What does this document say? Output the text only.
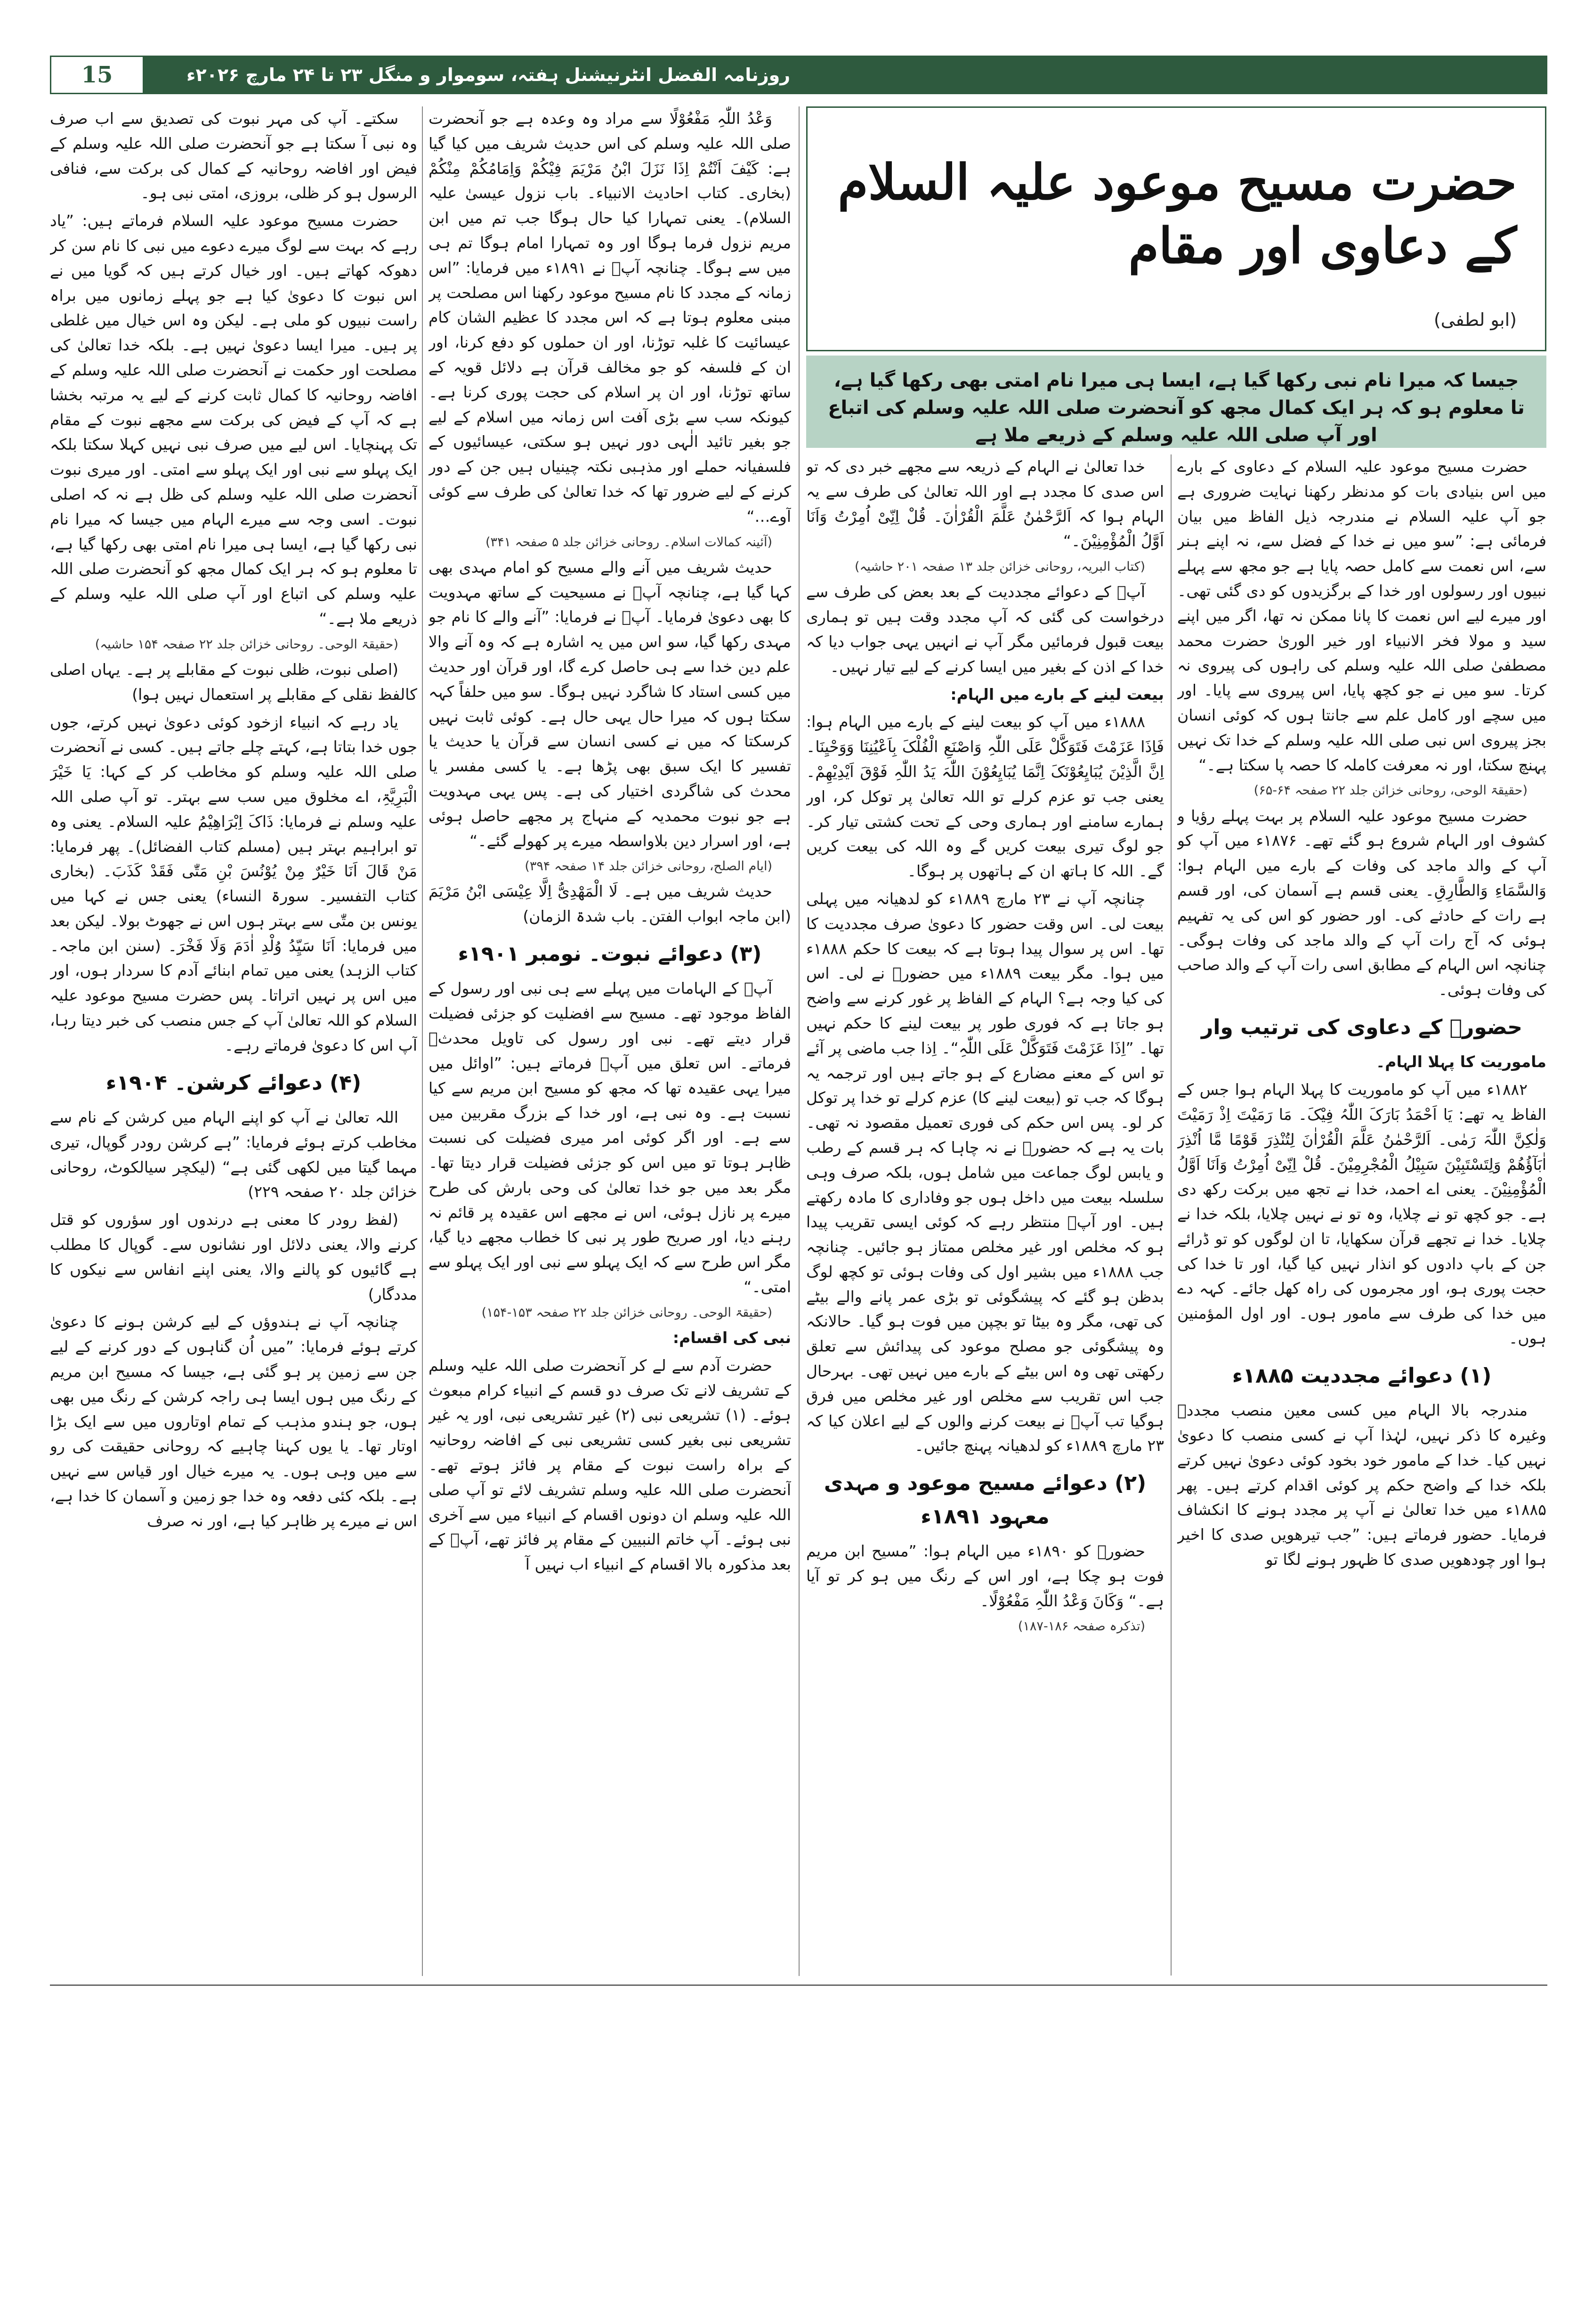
روزنامہ الفضل انٹرنیشنل ہفتہ، سوموار و منگل ۲۳ تا ۲۴ مارچ ۲۰۲۶ء
15
حضرت مسیح موعود علیہ السلام کے دعاوی اور مقام
(ابو لطفی)
جیسا کہ میرا نام نبی رکھا گیا ہے، ایسا ہی میرا نام امتی بھی رکھا گیا ہے، تا معلوم ہو کہ ہر ایک کمال مجھ کو آنحضرت صلی اللہ علیہ وسلم کی اتباع اور آپ صلی اللہ علیہ وسلم کے ذریعے ملا ہے

حضرت مسیح موعود علیہ السلام کے دعاوی کے بارے میں اس بنیادی بات کو مدنظر رکھنا نہایت ضروری ہے جو آپ علیہ السلام نے مندرجہ ذیل الفاظ میں بیان فرمائی ہے: ”سو میں نے خدا کے فضل سے، نہ اپنے ہنر سے، اس نعمت سے کامل حصہ پایا ہے جو مجھ سے پہلے نبیوں اور رسولوں اور خدا کے برگزیدوں کو دی گئی تھی۔ اور میرے لیے اس نعمت کا پانا ممکن نہ تھا، اگر میں اپنے سید و مولا فخر الانبیاء اور خیر الوریٰ حضرت محمد مصطفیٰ صلی اللہ علیہ وسلم کی راہوں کی پیروی نہ کرتا۔ سو میں نے جو کچھ پایا، اس پیروی سے پایا۔ اور میں سچے اور کامل علم سے جانتا ہوں کہ کوئی انسان بجز پیروی اس نبی صلی اللہ علیہ وسلم کے خدا تک نہیں پہنچ سکتا، اور نہ معرفت کاملہ کا حصہ پا سکتا ہے۔“

(حقیقۃ الوحی، روحانی خزائن جلد ۲۲ صفحہ ۶۴-۶۵)

حضرت مسیح موعود علیہ السلام پر بہت پہلے رؤیا و کشوف اور الہام شروع ہو گئے تھے۔ ۱۸۷۶ء میں آپ کو آپ کے والد ماجد کی وفات کے بارے میں الہام ہوا: وَالسَّمَاءِ وَالطَّارِقِ۔ یعنی قسم ہے آسمان کی، اور قسم ہے رات کے حادثے کی۔ اور حضور کو اس کی یہ تفہیم ہوئی کہ آج رات آپ کے والد ماجد کی وفات ہوگی۔ چنانچہ اس الہام کے مطابق اسی رات آپ کے والد صاحب کی وفات ہوئی۔

حضورؑ کے دعاوی کی ترتیب وار

ماموریت کا پہلا الہام۔

۱۸۸۲ء میں آپ کو ماموریت کا پہلا الہام ہوا جس کے الفاظ یہ تھے: یَا اَحْمَدُ بَارَکَ اللّٰہُ فِیْکَ۔ مَا رَمَیْتَ اِذْ رَمَیْتَ وَلٰکِنَّ اللّٰہَ رَمٰی۔ اَلرَّحْمٰنُ عَلَّمَ الْقُرْاٰنَ لِتُنْذِرَ قَوْمًا مَّا اُنْذِرَ اٰبَآؤُھُمْ وَلِتَسْتَبِیْنَ سَبِیْلُ الْمُجْرِمِیْنَ۔ قُلْ اِنِّیْ اُمِرْتُ وَاَنَا اَوَّلُ الْمُؤْمِنِیْنَ۔ یعنی اے احمد، خدا نے تجھ میں برکت رکھ دی ہے۔ جو کچھ تو نے چلایا، وہ تو نے نہیں چلایا، بلکہ خدا نے چلایا۔ خدا نے تجھے قرآن سکھایا، تا ان لوگوں کو تو ڈرائے جن کے باپ دادوں کو انذار نہیں کیا گیا، اور تا خدا کی حجت پوری ہو، اور مجرموں کی راہ کھل جائے۔ کہہ دے میں خدا کی طرف سے مامور ہوں۔ اور اول المؤمنین ہوں۔

(۱) دعوائے مجددیت ۱۸۸۵ء

مندرجہ بالا الہام میں کسی معین منصب مجددؑ وغیرہ کا ذکر نہیں، لہٰذا آپ نے کسی منصب کا دعویٰ نہیں کیا۔ خدا کے مامور خود بخود کوئی دعویٰ نہیں کرتے بلکہ خدا کے واضح حکم پر کوئی اقدام کرتے ہیں۔ پھر ۱۸۸۵ء میں خدا تعالیٰ نے آپ پر مجدد ہونے کا انکشاف فرمایا۔ حضور فرماتے ہیں: ”جب تیرھویں صدی کا اخیر ہوا اور چودھویں صدی کا ظہور ہونے لگا تو

خدا تعالیٰ نے الہام کے ذریعہ سے مجھے خبر دی کہ تو اس صدی کا مجدد ہے اور اللہ تعالیٰ کی طرف سے یہ الہام ہوا کہ اَلرَّحْمٰنُ عَلَّمَ الْقُرْاٰنَ۔ قُلْ اِنِّیْ اُمِرْتُ وَاَنَا اَوَّلُ الْمُؤْمِنِیْنَ۔“

(کتاب البریہ، روحانی خزائن جلد ۱۳ صفحہ ۲۰۱ حاشیہ)

آپؑ کے دعوائے مجددیت کے بعد بعض کی طرف سے درخواست کی گئی کہ آپ مجدد وقت ہیں تو ہماری بیعت قبول فرمائیں مگر آپ نے انہیں یہی جواب دیا کہ خدا کے اذن کے بغیر میں ایسا کرنے کے لیے تیار نہیں۔

بیعت لینے کے بارے میں الہام:

۱۸۸۸ء میں آپ کو بیعت لینے کے بارے میں الہام ہوا: فَاِذَا عَزَمْتَ فَتَوَکَّلْ عَلَی اللّٰہِ وَاصْنَعِ الْفُلْکَ بِاَعْیُنِنَا وَوَحْیِنَا۔ اِنَّ الَّذِیْنَ یُبَایِعُوْنَکَ اِنَّمَا یُبَایِعُوْنَ اللّٰہَ یَدُ اللّٰہِ فَوْقَ اَیْدِیْھِمْ۔ یعنی جب تو عزم کرلے تو اللہ تعالیٰ پر توکل کر، اور ہمارے سامنے اور ہماری وحی کے تحت کشتی تیار کر۔ جو لوگ تیری بیعت کریں گے وہ اللہ کی بیعت کریں گے۔ اللہ کا ہاتھ ان کے ہاتھوں پر ہوگا۔

چنانچہ آپ نے ۲۳ مارچ ۱۸۸۹ء کو لدھیانہ میں پہلی بیعت لی۔ اس وقت حضور کا دعویٰ صرف مجددیت کا تھا۔ اس پر سوال پیدا ہوتا ہے کہ بیعت کا حکم ۱۸۸۸ء میں ہوا۔ مگر بیعت ۱۸۸۹ء میں حضورؑ نے لی۔ اس کی کیا وجہ ہے؟ الہام کے الفاظ پر غور کرنے سے واضح ہو جاتا ہے کہ فوری طور پر بیعت لینے کا حکم نہیں تھا۔ ”اِذَا عَزَمْتَ فَتَوَکَّلْ عَلَی اللّٰہِ“۔ اِذا جب ماضی پر آئے تو اس کے معنے مضارع کے ہو جاتے ہیں اور ترجمہ یہ ہوگا کہ جب تو (بیعت لینے کا) عزم کرلے تو خدا پر توکل کر لو۔ پس اس حکم کی فوری تعمیل مقصود نہ تھی۔ بات یہ ہے کہ حضورؑ نے نہ چاہا کہ ہر قسم کے رطب و یابس لوگ جماعت میں شامل ہوں، بلکہ صرف وہی سلسلہ بیعت میں داخل ہوں جو وفاداری کا مادہ رکھتے ہیں۔ اور آپؑ منتظر رہے کہ کوئی ایسی تقریب پیدا ہو کہ مخلص اور غیر مخلص ممتاز ہو جائیں۔ چنانچہ جب ۱۸۸۸ء میں بشیر اول کی وفات ہوئی تو کچھ لوگ بدظن ہو گئے کہ پیشگوئی تو بڑی عمر پانے والے بیٹے کی تھی، مگر وہ بیٹا تو بچپن میں فوت ہو گیا۔ حالانکہ وہ پیشگوئی جو مصلح موعود کی پیدائش سے تعلق رکھتی تھی وہ اس بیٹے کے بارے میں نہیں تھی۔ بہرحال جب اس تقریب سے مخلص اور غیر مخلص میں فرق ہوگیا تب آپؑ نے بیعت کرنے والوں کے لیے اعلان کیا کہ ۲۳ مارچ ۱۸۸۹ء کو لدھیانہ پہنچ جائیں۔

(۲) دعوائے مسیح موعود و مہدی معہود ۱۸۹۱ء

حضورؑ کو ۱۸۹۰ء میں الہام ہوا: ”مسیح ابن مریم فوت ہو چکا ہے، اور اس کے رنگ میں ہو کر تو آیا ہے۔“ وَکَانَ وَعْدُ اللّٰہِ مَفْعُوْلًا۔

(تذکرہ صفحہ ۱۸۶-۱۸۷)

وَعْدُ اللّٰہِ مَفْعُوْلًا سے مراد وہ وعدہ ہے جو آنحضرت صلی اللہ علیہ وسلم کی اس حدیث شریف میں کیا گیا ہے: کَیْفَ اَنْتُمْ اِذَا نَزَلَ ابْنُ مَرْیَمَ فِیْکُمْ وَاِمَامُکُمْ مِنْکُمْ (بخاری۔ کتاب احادیث الانبیاء۔ باب نزول عیسیٰ علیہ السلام)۔ یعنی تمہارا کیا حال ہوگا جب تم میں ابن مریم نزول فرما ہوگا اور وہ تمہارا امام ہوگا تم ہی میں سے ہوگا۔ چنانچہ آپؑ نے ۱۸۹۱ء میں فرمایا: ”اس زمانہ کے مجدد کا نام مسیح موعود رکھنا اس مصلحت پر مبنی معلوم ہوتا ہے کہ اس مجدد کا عظیم الشان کام عیسائیت کا غلبہ توڑنا، اور ان حملوں کو دفع کرنا، اور ان کے فلسفہ کو جو مخالف قرآن ہے دلائل قویہ کے ساتھ توڑنا، اور ان پر اسلام کی حجت پوری کرنا ہے۔ کیونکہ سب سے بڑی آفت اس زمانہ میں اسلام کے لیے جو بغیر تائید الٰہی دور نہیں ہو سکتی، عیسائیوں کے فلسفیانہ حملے اور مذہبی نکتہ چینیاں ہیں جن کے دور کرنے کے لیے ضرور تھا کہ خدا تعالیٰ کی طرف سے کوئی آوے…“

(آئینہ کمالات اسلام۔ روحانی خزائن جلد ۵ صفحہ ۳۴۱)

حدیث شریف میں آنے والے مسیح کو امام مہدی بھی کہا گیا ہے، چنانچہ آپؑ نے مسیحیت کے ساتھ مہدویت کا بھی دعویٰ فرمایا۔ آپؑ نے فرمایا: ”آنے والے کا نام جو مہدی رکھا گیا، سو اس میں یہ اشارہ ہے کہ وہ آنے والا علم دین خدا سے ہی حاصل کرے گا، اور قرآن اور حدیث میں کسی استاد کا شاگرد نہیں ہوگا۔ سو میں حلفاً کہہ سکتا ہوں کہ میرا حال یہی حال ہے۔ کوئی ثابت نہیں کرسکتا کہ میں نے کسی انسان سے قرآن یا حدیث یا تفسیر کا ایک سبق بھی پڑھا ہے۔ یا کسی مفسر یا محدث کی شاگردی اختیار کی ہے۔ پس یہی مہدویت ہے جو نبوت محمدیہ کے منہاج پر مجھے حاصل ہوئی ہے، اور اسرار دین بلاواسطہ میرے پر کھولے گئے۔“

(ایام الصلح، روحانی خزائن جلد ۱۴ صفحہ ۳۹۴)

حدیث شریف میں ہے۔ لَا الْمَھْدِیُّ اِلَّا عِیْسَی ابْنُ مَرْیَمَ (ابن ماجہ ابواب الفتن۔ باب شدۃ الزمان)

(۳) دعوائے نبوت۔ نومبر ۱۹۰۱ء

آپؑ کے الہامات میں پہلے سے ہی نبی اور رسول کے الفاظ موجود تھے۔ مسیح سے افضلیت کو جزئی فضیلت قرار دیتے تھے۔ نبی اور رسول کی تاویل محدثؑ فرماتے۔ اس تعلق میں آپؑ فرماتے ہیں: ”اوائل میں میرا یہی عقیدہ تھا کہ مجھ کو مسیح ابن مریم سے کیا نسبت ہے۔ وہ نبی ہے، اور خدا کے بزرگ مقربین میں سے ہے۔ اور اگر کوئی امر میری فضیلت کی نسبت ظاہر ہوتا تو میں اس کو جزئی فضیلت قرار دیتا تھا۔ مگر بعد میں جو خدا تعالیٰ کی وحی بارش کی طرح میرے پر نازل ہوئی، اس نے مجھے اس عقیدہ پر قائم نہ رہنے دیا، اور صریح طور پر نبی کا خطاب مجھے دیا گیا، مگر اس طرح سے کہ ایک پہلو سے نبی اور ایک پہلو سے امتی۔“

(حقیقۃ الوحی۔ روحانی خزائن جلد ۲۲ صفحہ ۱۵۳-۱۵۴)

نبی کی اقسام:

حضرت آدم سے لے کر آنحضرت صلی اللہ علیہ وسلم کے تشریف لانے تک صرف دو قسم کے انبیاء کرام مبعوث ہوئے۔ (۱) تشریعی نبی (۲) غیر تشریعی نبی، اور یہ غیر تشریعی نبی بغیر کسی تشریعی نبی کے افاضہ روحانیہ کے براہ راست نبوت کے مقام پر فائز ہوتے تھے۔ آنحضرت صلی اللہ علیہ وسلم تشریف لائے تو آپ صلی اللہ علیہ وسلم ان دونوں اقسام کے انبیاء میں سے آخری نبی ہوئے۔ آپ خاتم النبیین کے مقام پر فائز تھے، آپؐ کے بعد مذکورہ بالا اقسام کے انبیاء اب نہیں آ

سکتے۔ آپ کی مہر نبوت کی تصدیق سے اب صرف وہ نبی آ سکتا ہے جو آنحضرت صلی اللہ علیہ وسلم کے فیض اور افاضہ روحانیہ کے کمال کی برکت سے، فنافی الرسول ہو کر ظلی، بروزی، امتی نبی ہو۔

حضرت مسیح موعود علیہ السلام فرماتے ہیں: ”یاد رہے کہ بہت سے لوگ میرے دعوے میں نبی کا نام سن کر دھوکہ کھاتے ہیں۔ اور خیال کرتے ہیں کہ گویا میں نے اس نبوت کا دعویٰ کیا ہے جو پہلے زمانوں میں براہ راست نبیوں کو ملی ہے۔ لیکن وہ اس خیال میں غلطی پر ہیں۔ میرا ایسا دعویٰ نہیں ہے۔ بلکہ خدا تعالیٰ کی مصلحت اور حکمت نے آنحضرت صلی اللہ علیہ وسلم کے افاضہ روحانیہ کا کمال ثابت کرنے کے لیے یہ مرتبہ بخشا ہے کہ آپ کے فیض کی برکت سے مجھے نبوت کے مقام تک پہنچایا۔ اس لیے میں صرف نبی نہیں کہلا سکتا بلکہ ایک پہلو سے نبی اور ایک پہلو سے امتی۔ اور میری نبوت آنحضرت صلی اللہ علیہ وسلم کی ظل ہے نہ کہ اصلی نبوت۔ اسی وجہ سے میرے الہام میں جیسا کہ میرا نام نبی رکھا گیا ہے، ایسا ہی میرا نام امتی بھی رکھا گیا ہے، تا معلوم ہو کہ ہر ایک کمال مجھ کو آنحضرت صلی اللہ علیہ وسلم کی اتباع اور آپ صلی اللہ علیہ وسلم کے ذریعے ملا ہے۔“

(حقیقۃ الوحی۔ روحانی خزائن جلد ۲۲ صفحہ ۱۵۴ حاشیہ)

(اصلی نبوت، ظلی نبوت کے مقابلے پر ہے۔ یہاں اصلی کالفظ نقلی کے مقابلے پر استعمال نہیں ہوا)

یاد رہے کہ انبیاء ازخود کوئی دعویٰ نہیں کرتے، جوں جوں خدا بتاتا ہے، کہتے چلے جاتے ہیں۔ کسی نے آنحضرت صلی اللہ علیہ وسلم کو مخاطب کر کے کہا: یَا خَیْرَ الْبَرِیَّۃِ، اے مخلوق میں سب سے بہتر۔ تو آپ صلی اللہ علیہ وسلم نے فرمایا: ذَاکَ اِبْرَاھِیْمُ علیہ السلام۔ یعنی وہ تو ابراہیم بہتر ہیں (مسلم کتاب الفضائل)۔ پھر فرمایا: مَنْ قَالَ اَنَا خَیْرٌ مِنْ یُوْنُسَ بْنِ مَتّٰی فَقَدْ کَذَبَ۔ (بخاری کتاب التفسیر۔ سورۃ النساء) یعنی جس نے کہا میں یونس بن متّٰی سے بہتر ہوں اس نے جھوٹ بولا۔ لیکن بعد میں فرمایا: اَنَا سَیِّدُ وُلْدِ اٰدَمَ وَلَا فَخْرَ۔ (سنن ابن ماجہ۔ کتاب الزہد) یعنی میں تمام ابنائے آدم کا سردار ہوں، اور میں اس پر نہیں اتراتا۔ پس حضرت مسیح موعود علیہ السلام کو اللہ تعالیٰ آپ کے جس منصب کی خبر دیتا رہا، آپ اس کا دعویٰ فرماتے رہے۔

(۴) دعوائے کرشن۔ ۱۹۰۴ء

اللہ تعالیٰ نے آپ کو اپنے الہام میں کرشن کے نام سے مخاطب کرتے ہوئے فرمایا: ”ہے کرشن رودر گوپال، تیری مہما گیتا میں لکھی گئی ہے“ (لیکچر سیالکوٹ، روحانی خزائن جلد ۲۰ صفحہ ۲۲۹)

(لفظ رودر کا معنی ہے درندوں اور سؤروں کو قتل کرنے والا، یعنی دلائل اور نشانوں سے۔ گوپال کا مطلب ہے گائیوں کو پالنے والا، یعنی اپنے انفاس سے نیکوں کا مددگار)

چنانچہ آپ نے ہندوؤں کے لیے کرشن ہونے کا دعویٰ کرتے ہوئے فرمایا: ”میں اُن گناہوں کے دور کرنے کے لیے جن سے زمین پر ہو گئی ہے، جیسا کہ مسیح ابن مریم کے رنگ میں ہوں ایسا ہی راجہ کرشن کے رنگ میں بھی ہوں، جو ہندو مذہب کے تمام اوتاروں میں سے ایک بڑا اوتار تھا۔ یا یوں کہنا چاہیے کہ روحانی حقیقت کی رو سے میں وہی ہوں۔ یہ میرے خیال اور قیاس سے نہیں ہے۔ بلکہ کئی دفعہ وہ خدا جو زمین و آسمان کا خدا ہے، اس نے میرے پر ظاہر کیا ہے، اور نہ صرف
